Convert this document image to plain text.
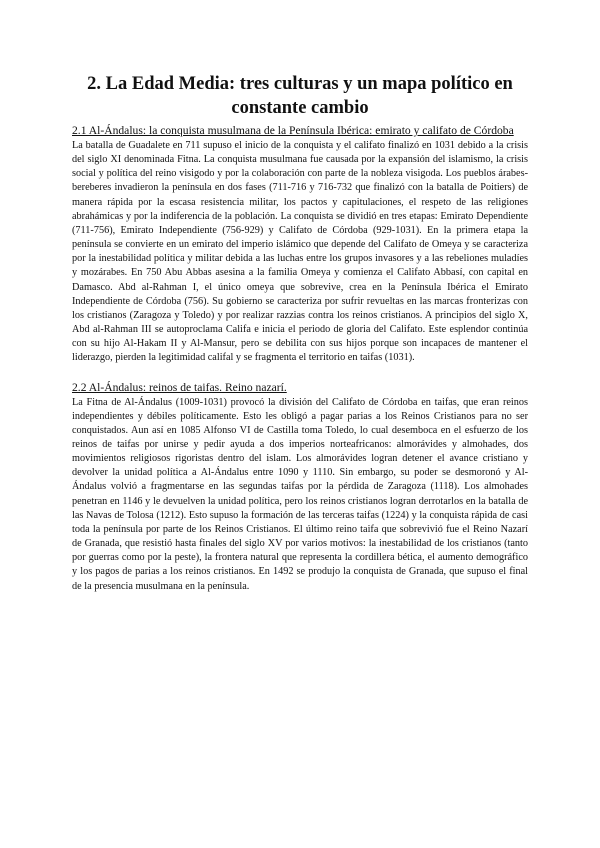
2. La Edad Media: tres culturas y un mapa político en constante cambio
2.1 Al-Ándalus: la conquista musulmana de la Península Ibérica: emirato y califato de Córdoba

La batalla de Guadalete en 711 supuso el inicio de la conquista y el califato finalizó en 1031 debido a la crisis del siglo XI denominada Fitna. La conquista musulmana fue causada por la expansión del islamismo, la crisis social y política del reino visigodo y por la colaboración con parte de la nobleza visigoda. Los pueblos árabes- bereberes invadieron la península en dos fases (711-716 y 716-732 que finalizó con la batalla de Poitiers) de manera rápida por la escasa resistencia militar, los pactos y capitulaciones, el respeto de las religiones abrahámicas y por la indiferencia de la población. La conquista se dividió en tres etapas: Emirato Dependiente (711-756), Emirato Independiente (756-929) y Califato de Córdoba (929-1031). En la primera etapa la península se convierte en un emirato del imperio islámico que depende del Califato de Omeya y se caracteriza por la inestabilidad política y militar debida a las luchas entre los grupos invasores y a las rebeliones muladíes y mozárabes. En 750 Abu Abbas asesina a la familia Omeya y comienza el Califato Abbasí, con capital en Damasco. Abd al-Rahman I, el único omeya que sobrevive, crea en la Península Ibérica el Emirato Independiente de Córdoba (756). Su gobierno se caracteriza por sufrir revueltas en las marcas fronterizas con los cristianos (Zaragoza y Toledo) y por realizar razzias contra los reinos cristianos. A principios del siglo X, Abd al-Rahman III se autoproclama Califa e inicia el periodo de gloria del Califato. Este esplendor continúa con su hijo Al-Hakam II y Al-Mansur, pero se debilita con sus hijos porque son incapaces de mantener el liderazgo, pierden la legitimidad califal y se fragmenta el territorio en taifas (1031).

2.2 Al-Ándalus: reinos de taifas. Reino nazarí.

La Fitna de Al-Ándalus (1009-1031) provocó la división del Califato de Córdoba en taifas, que eran reinos independientes y débiles políticamente. Esto les obligó a pagar parias a los Reinos Cristianos para no ser conquistados. Aun así en 1085 Alfonso VI de Castilla toma Toledo, lo cual desemboca en el esfuerzo de los reinos de taifas por unirse y pedir ayuda a dos imperios norteafricanos: almorávides y almohades, dos movimientos religiosos rigoristas dentro del islam. Los almorávides logran detener el avance cristiano y devolver la unidad política a Al-Ándalus entre 1090 y 1110. Sin embargo, su poder se desmoronó y Al-Ándalus volvió a fragmentarse en las segundas taifas por la pérdida de Zaragoza (1118). Los almohades penetran en 1146 y le devuelven la unidad política, pero los reinos cristianos logran derrotarlos en la batalla de las Navas de Tolosa (1212). Esto supuso la formación de las terceras taifas (1224) y la conquista rápida de casi toda la península por parte de los Reinos Cristianos. El último reino taifa que sobrevivió fue el Reino Nazarí de Granada, que resistió hasta finales del siglo XV por varios motivos: la inestabilidad de los cristianos (tanto por guerras como por la peste), la frontera natural que representa la cordillera bética, el aumento demográfico y los pagos de parias a los reinos cristianos. En 1492 se produjo la conquista de Granada, que supuso el final de la presencia musulmana en la península.
